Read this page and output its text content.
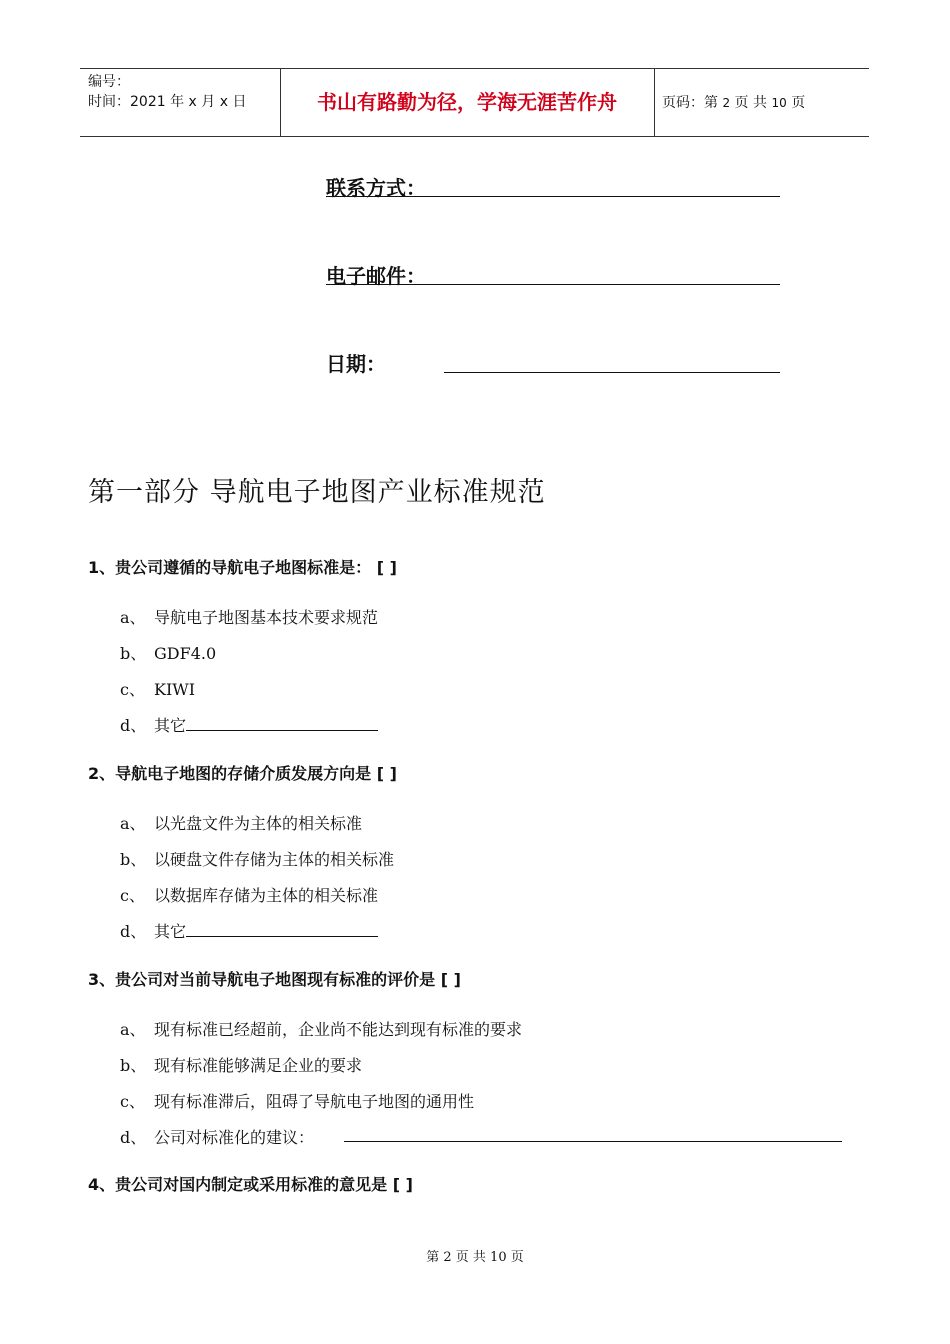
编号：
时间：2021 年 x 月 x 日	书山有路勤为径，学海无涯苦作舟	页码：第 2 页 共 10 页
联系方式：
电子邮件：
日期：
第一部分 导航电子地图产业标准规范
1、贵公司遵循的导航电子地图标准是： [ ]
a、 导航电子地图基本技术要求规范
b、 GDF4.0
c、 KIWI
d、 其它
2、导航电子地图的存储介质发展方向是 [ ]
a、 以光盘文件为主体的相关标准
b、 以硬盘文件存储为主体的相关标准
c、 以数据库存储为主体的相关标准
d、 其它
3、贵公司对当前导航电子地图现有标准的评价是 [ ]
a、 现有标准已经超前，企业尚不能达到现有标准的要求
b、 现有标准能够满足企业的要求
c、 现有标准滞后，阻碍了导航电子地图的通用性
d、 公司对标准化的建议：
4、贵公司对国内制定或采用标准的意见是 [ ]
第 2 页 共 10 页
